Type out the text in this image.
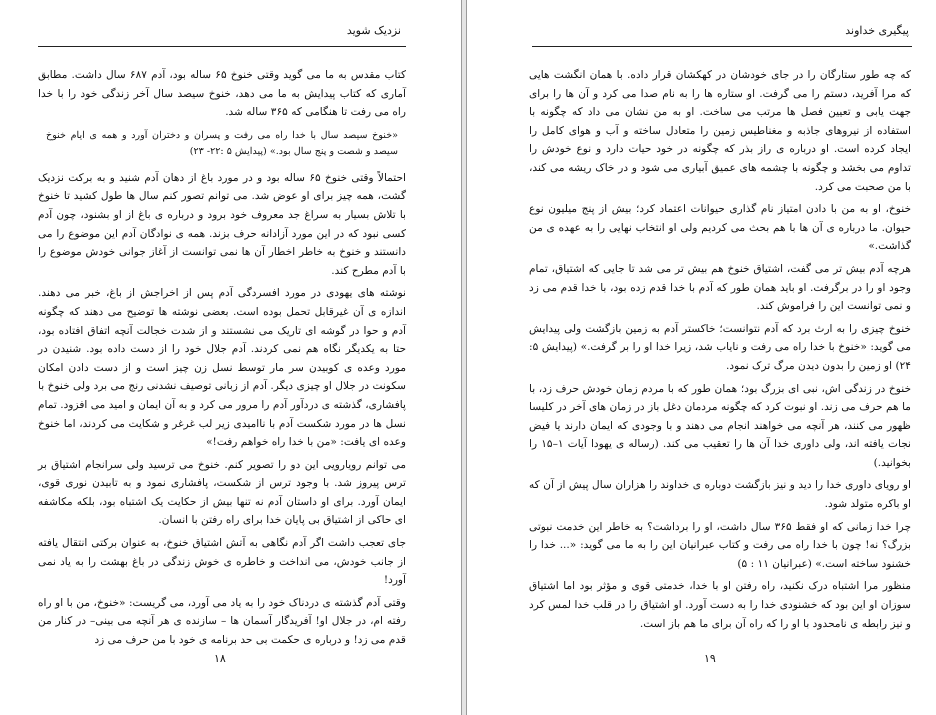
نزدیک شوید

کتاب مقدس به ما می گوید وقتی خنوخ ۶۵ ساله بود، آدم ۶۸۷ سال داشت. مطابق آماری که کتاب پیدایش به ما می دهد، خنوخ سیصد سال آخر زندگی خود را با خدا راه می رفت تا هنگامی که ۳۶۵ ساله شد.

«خنوخ سیصد سال با خدا راه می رفت و پسران و دختران آورد و همه ی ایام خنوخ سیصد و شصت و پنج سال بود.» (پیدایش ۵ :۲۲- ۲۳)

احتمالاً وقتی خنوخ ۶۵ ساله بود و در مورد باغ از دهان آدم شنید و به برکت نزدیک گشت، همه چیز برای او عوض شد. می توانم تصور کنم سال ها طول کشید تا خنوخ با تلاش بسیار به سراغ جد معروف خود برود و درباره ی باغ از او بشنود، چون آدم کسی نبود که در این مورد آزادانه حرف بزند. همه ی نوادگان آدم این موضوع را می دانستند و خنوخ به خاطر اخطار آن ها نمی توانست از آغاز جوانی خودش موضوع را با آدم مطرح کند.

نوشته های یهودی در مورد افسردگی آدم پس از اخراجش از باغ، خبر می دهند. اندازه ی آن غیرقابل تحمل بوده است. بعضی نوشته ها توضیح می دهند که چگونه آدم و حوا در گوشه ای تاریک می نشستند و از شدت خجالت آنچه اتفاق افتاده بود، حتا به یکدیگر نگاه هم نمی کردند. آدم جلال خود را از دست داده بود. شنیدن در مورد وعده ی کوبیدن سر مار توسط نسل زن چیز است و از دست دادن امکان سکونت در جلال او چیزی دیگر. آدم از زبانی توصیف نشدنی رنج می برد ولی خنوخ با پافشاری، گذشته ی دردآور آدم را مرور می کرد و به آن ایمان و امید می افزود. تمام نسل ها در مورد شکست آدم با ناامیدی زیر لب غرغر و شکایت می کردند، اما خنوخ وعده ای یافت: «من با خدا راه خواهم رفت!»

می توانم رویارویی این دو را تصویر کنم. خنوخ می ترسید ولی سرانجام اشتیاق بر ترس پیروز شد. با وجود ترس از شکست، پافشاری نمود و به تابیدن نوری قوی، ایمان آورد. برای او داستان آدم نه تنها بیش از حکایت یک اشتباه بود، بلکه مکاشفه ای حاکی از اشتیاق بی پایان خدا برای راه رفتن با انسان.

جای تعجب داشت اگر آدم نگاهی به آتش اشتیاق خنوخ، به عنوان برکتی انتقال یافته از جانب خودش، می انداخت و خاطره ی خوش زندگی در باغ بهشت را به یاد نمی آورد!

وقتی آدم گذشته ی دردناک خود را به یاد می آورد، می گریست: «خنوخ، من با او راه رفته ام، در جلال او! آفریدگار آسمان ها – سازنده ی هر آنچه می بینی– در کنار من قدم می زد! و درباره ی حکمت بی حد برنامه ی خود با من حرف می زد

۱۸
پیگیری خداوند

که چه طور ستارگان را در جای خودشان در کهکشان قرار داده. با همان انگشت هایی که مرا آفرید، دستم را می گرفت. او ستاره ها را به نام صدا می کرد و آن ها را برای جهت یابی و تعیین فصل ها مرتب می ساخت. او به من نشان می داد که چگونه با استفاده از نیروهای جاذبه و مغناطیس زمین را متعادل ساخته و آب و هوای کامل را ایجاد کرده است. او درباره ی راز بذر که چگونه در خود حیات دارد و نوع خودش را تداوم می بخشد و چگونه با چشمه های عمیق آبیاری می شود و در خاک ریشه می کند، با من صحبت می کرد.

خنوخ، او به من با دادن امتیاز نام گذاری حیوانات اعتماد کرد؛ بیش از پنج میلیون نوع حیوان. ما درباره ی آن ها با هم بحث می کردیم ولی او انتخاب نهایی را به عهده ی من گذاشت.»

هرچه آدم بیش تر می گفت، اشتیاق خنوخ هم بیش تر می شد تا جایی که اشتیاق، تمام وجود او را در برگرفت. او باید همان طور که آدم با خدا قدم زده بود، با خدا قدم می زد و نمی توانست این را فراموش کند.

خنوخ چیزی را به ارث برد که آدم نتوانست؛ خاکستر آدم به زمین بازگشت ولی پیدایش می گوید: «خنوخ با خدا راه می رفت و نایاب شد، زیرا خدا او را بر گرفت.» (پیدایش ۵: ۲۴) او زمین را بدون دیدن مرگ ترک نمود.

خنوخ در زندگی اش، نبی ای بزرگ بود؛ همان طور که با مردم زمان خودش حرف زد، با ما هم حرف می زند. او نبوت کرد که چگونه مردمان دغل باز در زمان های آخر در کلیسا ظهور می کنند، هر آنچه می خواهند انجام می دهند و با وجودی که ایمان دارند یا فیض نجات یافته اند، ولی داوری خدا آن ها را تعقیب می کند. (رساله ی یهودا آیات ۱–۱۵ را بخوانید.)

او رویای داوری خدا را دید و نیز بازگشت دوباره ی خداوند را هزاران سال پیش از آن که او باکره متولد شود.

چرا خدا زمانی که او فقط ۳۶۵ سال داشت، او را برداشت؟ به خاطر این خدمت نبوتی بزرگ؟ نه! چون با خدا راه می رفت و کتاب عبرانیان این را به ما می گوید: «... خدا را خشنود ساخته است.» (عبرانیان ۱۱ : ۵)

منظور مرا اشتباه درک نکنید، راه رفتن او با خدا، خدمتی قوی و مؤثر بود اما اشتیاق سوزان او این بود که خشنودی خدا را به دست آورد. او اشتیاق را در قلب خدا لمس کرد و نیز رابطه ی نامحدود با او را که راه آن برای ما هم باز است.

۱۹
